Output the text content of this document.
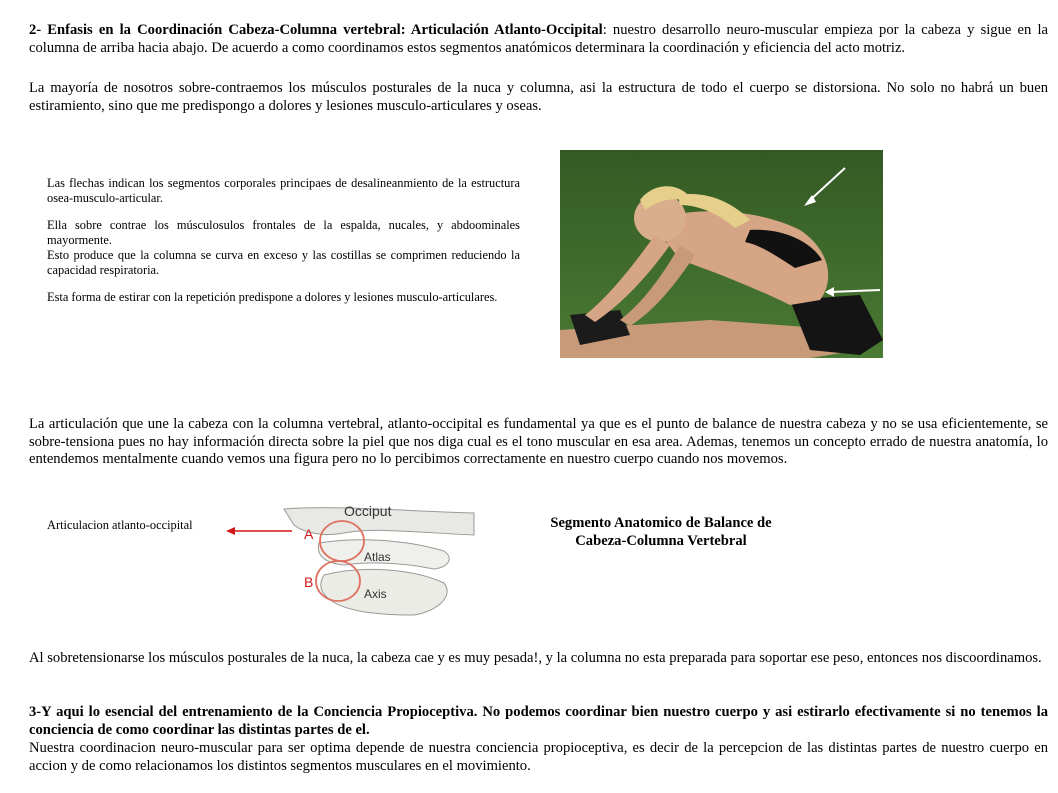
2- Enfasis en la Coordinación Cabeza-Columna vertebral: Articulación Atlanto-Occipital: nuestro desarrollo neuro-muscular empieza por la cabeza y sigue en la columna de arriba hacia abajo. De acuerdo a como coordinamos estos segmentos anatómicos determinara la coordinación y eficiencia del acto motriz.

La mayoría de nosotros sobre-contraemos los músculos posturales de la nuca y columna, asi la estructura de todo el cuerpo se distorsiona. No solo no habrá un buen estiramiento, sino que me predispongo a dolores y lesiones musculo-articulares y oseas.

Las flechas indican los segmentos corporales principaes de desalineanmiento de la estructura osea-musculo-articular.

Ella sobre contrae los músculosulos frontales de la espalda, nucales, y abdoominales mayormente.

Esto produce que la columna se curva en exceso y las costillas se comprimen reduciendo la capacidad respiratoria.

Esta forma de estirar con la repetición predispone a dolores y lesiones musculo-articulares.

La articulación que une la cabeza con la columna vertebral, atlanto-occipital es fundamental ya que es el punto de balance de nuestra cabeza y no se usa eficientemente, se sobre-tensiona pues no hay información directa sobre la piel que nos diga cual es el tono muscular en esa area. Ademas, tenemos un concepto errado de nuestra anatomía, lo entendemos mentalmente cuando vemos una figura pero no lo percibimos correctamente en nuestro cuerpo cuando nos movemos.

Articulacion atlanto-occipital
Occiput
A
Atlas
B
Axis
Segmento Anatomico de Balance de
Cabeza-Columna Vertebral

Al sobretensionarse los músculos posturales de la nuca, la cabeza cae y es muy pesada!, y la columna no esta preparada para soportar ese peso, entonces nos discoordinamos.

3-Y aqui lo esencial del entrenamiento de la Conciencia Propioceptiva. No podemos coordinar bien nuestro cuerpo y asi estirarlo efectivamente si no tenemos la conciencia de como coordinar las distintas partes de el.

Nuestra coordinacion neuro-muscular para ser optima depende de nuestra conciencia propioceptiva, es decir de la percepcion de las distintas partes de nuestro cuerpo en accion y de como relacionamos los distintos segmentos musculares en el movimiento.
